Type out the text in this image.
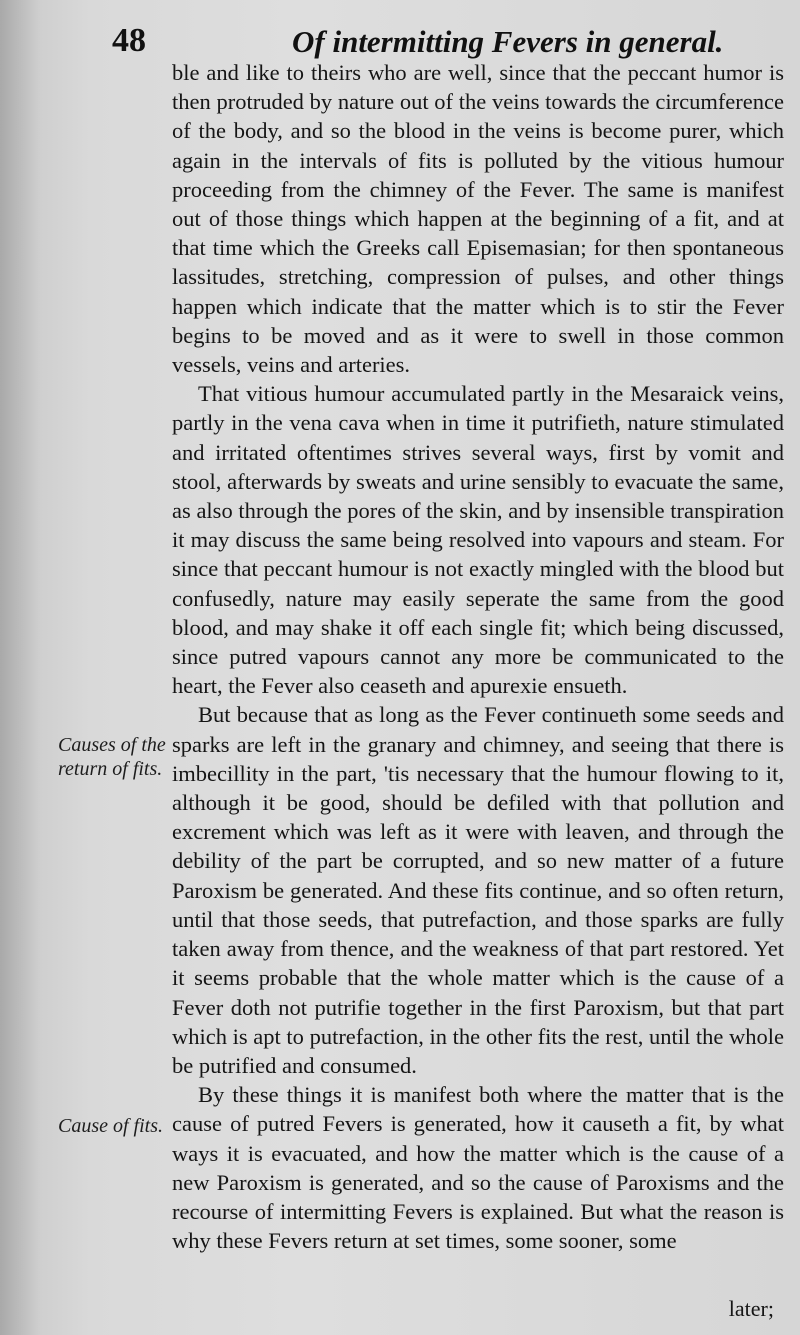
48	Of intermitting Fevers in general.

ble and like to theirs who are well, since that the peccant humor is then protruded by nature out of the veins towards the circumference of the body, and so the blood in the veins is become purer, which again in the intervals of fits is polluted by the vitious humour proceeding from the chimney of the Fever. The same is manifest out of those things which happen at the beginning of a fit, and at that time which the Greeks call Episemasian; for then spontaneous lassitudes, stretching, compression of pulses, and other things happen which indicate that the matter which is to stir the Fever begins to be moved and as it were to swell in those common vessels, veins and arteries.

That vitious humour accumulated partly in the Mesaraick veins, partly in the vena cava when in time it putrifieth, nature stimulated and irritated oftentimes strives several ways, first by vomit and stool, afterwards by sweats and urine sensibly to evacuate the same, as also through the pores of the skin, and by insensible transpiration it may discuss the same being resolved into vapours and steam. For since that peccant humour is not exactly mingled with the blood but confusedly, nature may easily seperate the same from the good blood, and may shake it off each single fit; which being discussed, since putred vapours cannot any more be communicated to the heart, the Fever also ceaseth and apurexie ensueth.

But because that as long as the Fever continueth some seeds and sparks are left in the granary and chimney, and seeing that there is imbecillity in the part, 'tis necessary that the humour flowing to it, although it be good, should be defiled with that pollution and excrement which was left as it were with leaven, and through the debility of the part be corrupted, and so new matter of a future Paroxism be generated. And these fits continue, and so often return, until that those seeds, that putrefaction, and those sparks are fully taken away from thence, and the weakness of that part restored. Yet it seems probable that the whole matter which is the cause of a Fever doth not putrifie together in the first Paroxism, but that part which is apt to putrefaction, in the other fits the rest, until the whole be putrified and consumed.

By these things it is manifest both where the matter that is the cause of putred Fevers is generated, how it causeth a fit, by what ways it is evacuated, and how the matter which is the cause of a new Paroxism is generated, and so the cause of Paroxisms and the recourse of intermitting Fevers is explained. But what the reason is why these Fevers return at set times, some sooner, some

Causes of the return of fits.
Cause of fits.
later;
